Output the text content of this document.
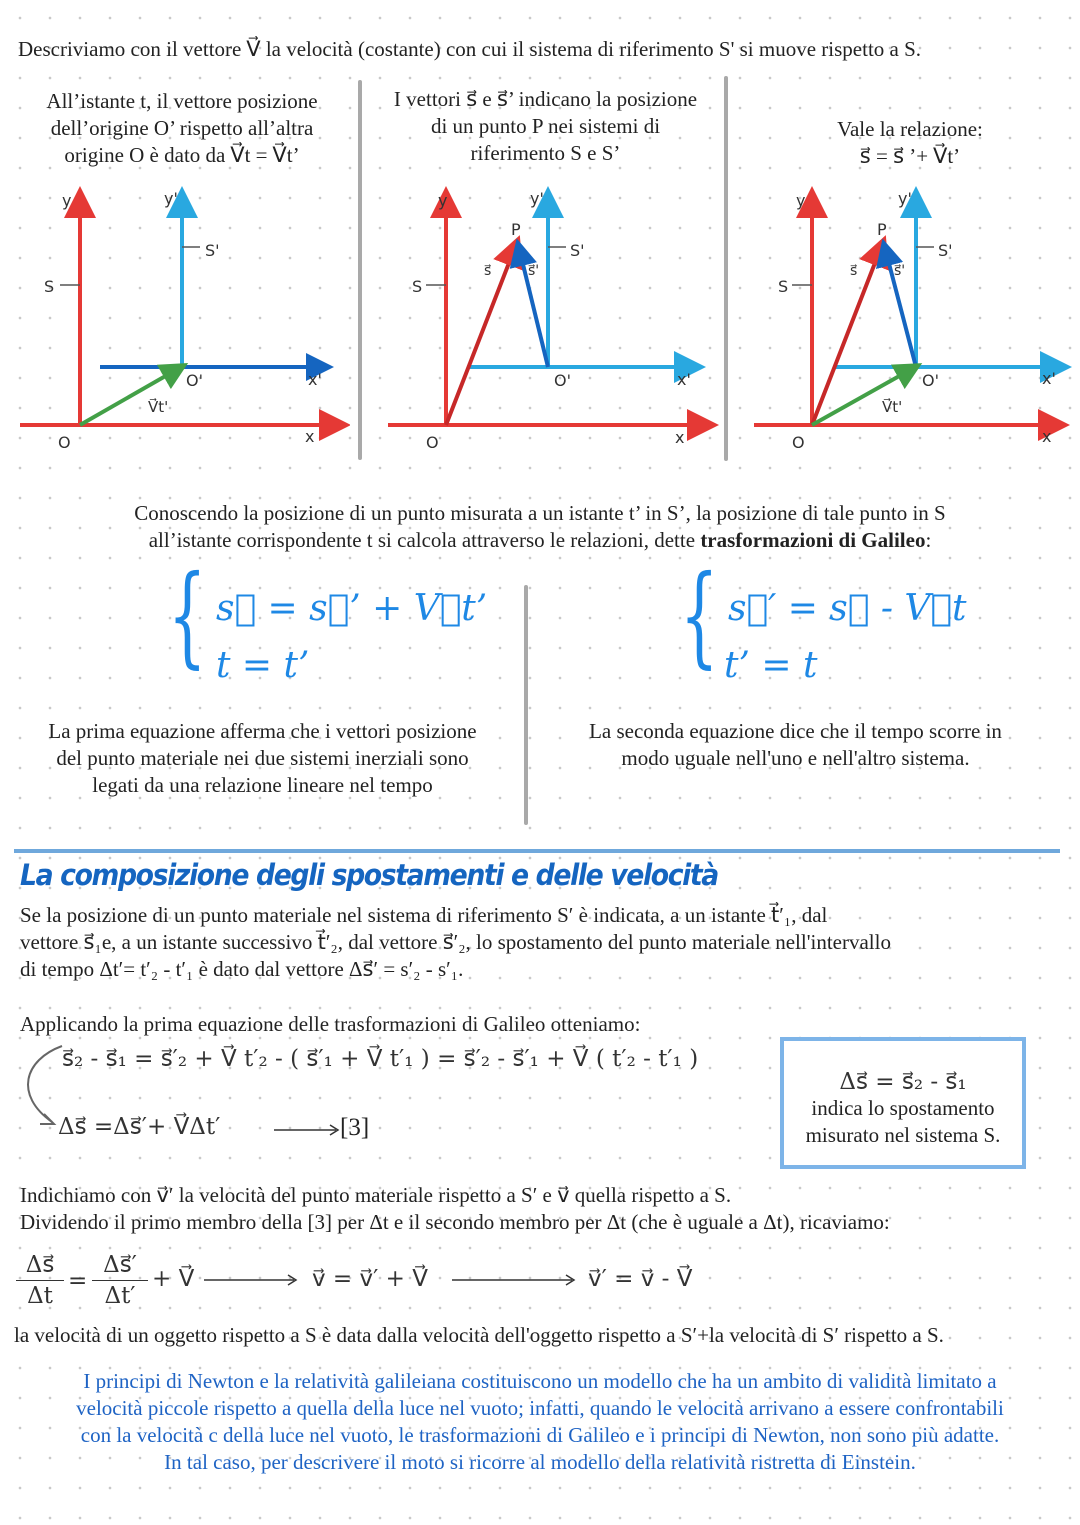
Descriviamo con il vettore V⃗ la velocità (costante) con cui il sistema di riferimento S' si muove rispetto a S.
All’istante t, il vettore posizione
dell’origine O’ rispetto all’altra
origine O è dato da V⃗t = V⃗t’
I vettori s⃗ e s⃗’ indicano la posizione
di un punto P nei sistemi di
riferimento S e S’
Vale la relazione:
s⃗ = s⃗ ’+ V⃗t’
y	y'
S
S'
O
O'
x
x'
V⃗t'
y	y'
S
S'
P
s⃗	s⃗'
O
O'
x
x'
y	y'
S
S'
P
s⃗	s⃗'
O
O'
x
x'
V⃗t'
Conoscendo la posizione di un punto misurata a un istante t’ in S’, la posizione di tale punto in S
all’istante corrispondente t si calcola attraverso le relazioni, dette trasformazioni di Galileo:
{ s⃗ = s⃗’ + V⃗t’
t = t’	{ s⃗′ = s⃗ - V⃗t
t’ = t
La prima equazione afferma che i vettori posizione
del punto materiale nei due sistemi inerziali sono
legati da una relazione lineare nel tempo
La seconda equazione dice che il tempo scorre in
modo uguale nell'uno e nell'altro sistema.
La composizione degli spostamenti e delle velocità
Se la posizione di un punto materiale nel sistema di riferimento S′ è indicata, a un istante t⃗′₁, dal
vettore s⃗₁e, a un istante successivo t⃗′₂, dal vettore s⃗′₂, lo spostamento del punto materiale nell'intervallo
di tempo Δt′= t′₂ - t′₁ è dato dal vettore Δs⃗′ = s′₂ - s′₁.
Applicando la prima equazione delle trasformazioni di Galileo otteniamo:
s⃗₂ - s⃗₁ = s⃗′₂ + V⃗ t′₂ - ( s⃗′₁ + V⃗ t′₁ ) = s⃗′₂ - s⃗′₁ + V⃗ ( t′₂ - t′₁ )
Δs⃗ =Δs⃗′+ V⃗Δt′	[3]
Δs⃗ = s⃗₂ - s⃗₁
indica lo spostamento
misurato nel sistema S.
Indichiamo con v⃗′ la velocità del punto materiale rispetto a S′ e v⃗ quella rispetto a S.
Dividendo il primo membro della [3] per Δt e il secondo membro per Δt (che è uguale a Δt), ricaviamo:
Δs⃗
Δt
=
Δs⃗′
Δt′
+ V⃗	v⃗ = v⃗′ + V⃗	v⃗′ = v⃗ - V⃗
la velocità di un oggetto rispetto a S è data dalla velocità dell'oggetto rispetto a S′+la velocità di S′ rispetto a S.
I principi di Newton e la relatività galileiana costituiscono un modello che ha un ambito di validità limitato a
velocità piccole rispetto a quella della luce nel vuoto; infatti, quando le velocità arrivano a essere confrontabili
con la velocità c della luce nel vuoto, le trasformazioni di Galileo e i principi di Newton, non sono più adatte.
In tal caso, per descrivere il moto si ricorre al modello della relatività ristretta di Einstein.
